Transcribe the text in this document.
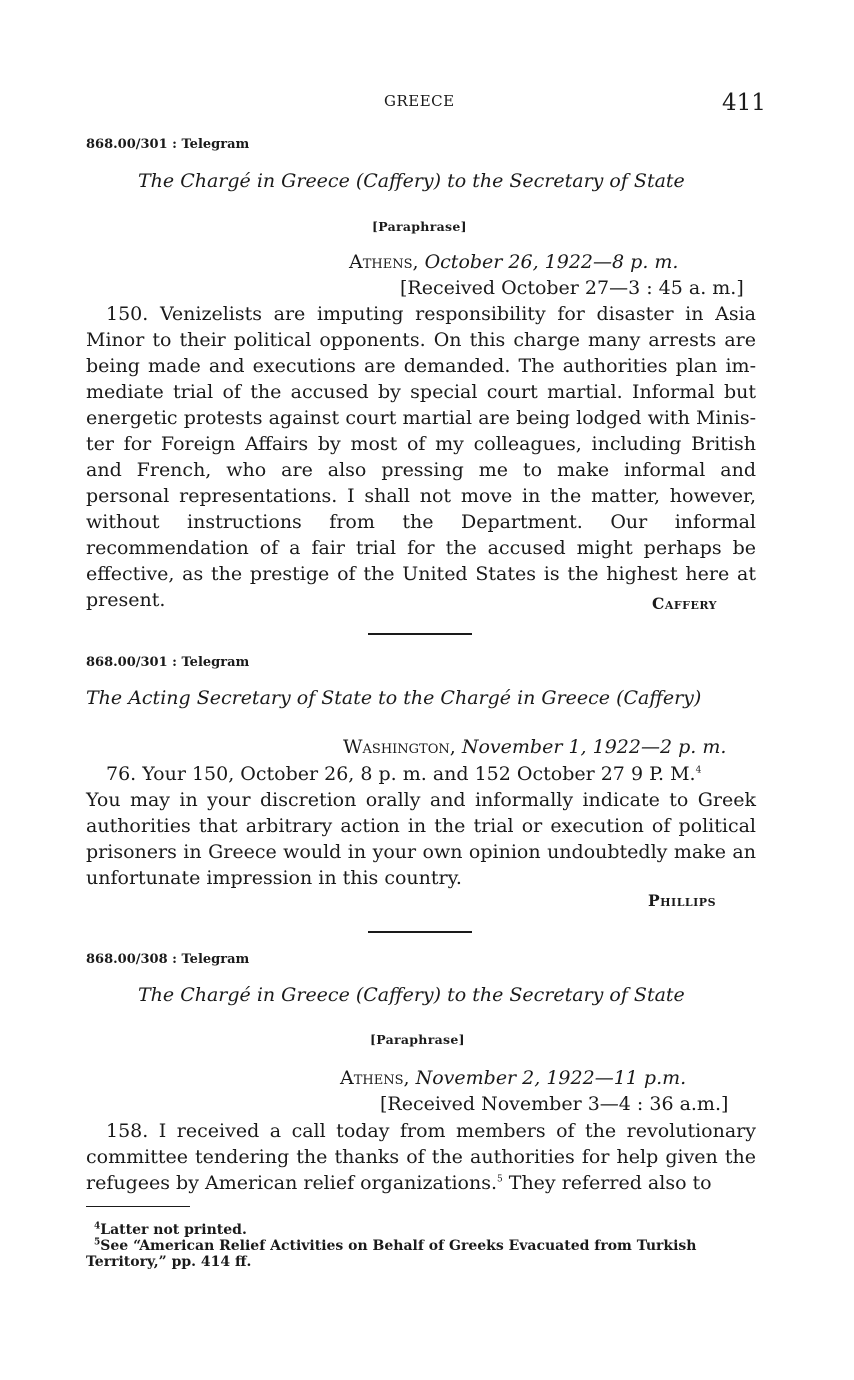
GREECE	411
868.00/301 : Telegram
The Chargé in Greece (Caffery) to the Secretary of State
[Paraphrase]
Athens, October 26, 1922—8 p. m.
[Received October 27—3 : 45 a. m.]

150. Venizelists are imputing responsibility for disaster in Asia Minor to their political opponents. On this charge many arrests are being made and executions are demanded. The authorities plan immediate trial of the accused by special court martial. Informal but energetic protests against court martial are being lodged with Minister for Foreign Affairs by most of my colleagues, including British and French, who are also pressing me to make informal and personal representations. I shall not move in the matter, however, without instructions from the Department. Our informal recommendation of a fair trial for the accused might perhaps be effective, as the prestige of the United States is the highest here at present.	Caffery
868.00/301 : Telegram
The Acting Secretary of State to the Chargé in Greece (Caffery)
Washington, November 1, 1922—2 p. m.

76. Your 150, October 26, 8 p. m. and 152 October 27 9 P. M.$^4$

You may in your discretion orally and informally indicate to Greek authorities that arbitrary action in the trial or execution of political prisoners in Greece would in your own opinion undoubtedly make an unfortunate impression in this country.

Phillips
868.00/308 : Telegram
The Chargé in Greece (Caffery) to the Secretary of State
[Paraphrase]
Athens, November 2, 1922—11 p.m.
[Received November 3—4 : 36 a.m.]

158. I received a call today from members of the revolutionary committee tendering the thanks of the authorities for help given the refugees by American relief organizations.$^5$ They referred also to

$^4$Latter not printed.
$^5$See “American Relief Activities on Behalf of Greeks Evacuated from Turkish Territory,” pp. 414 ff.
